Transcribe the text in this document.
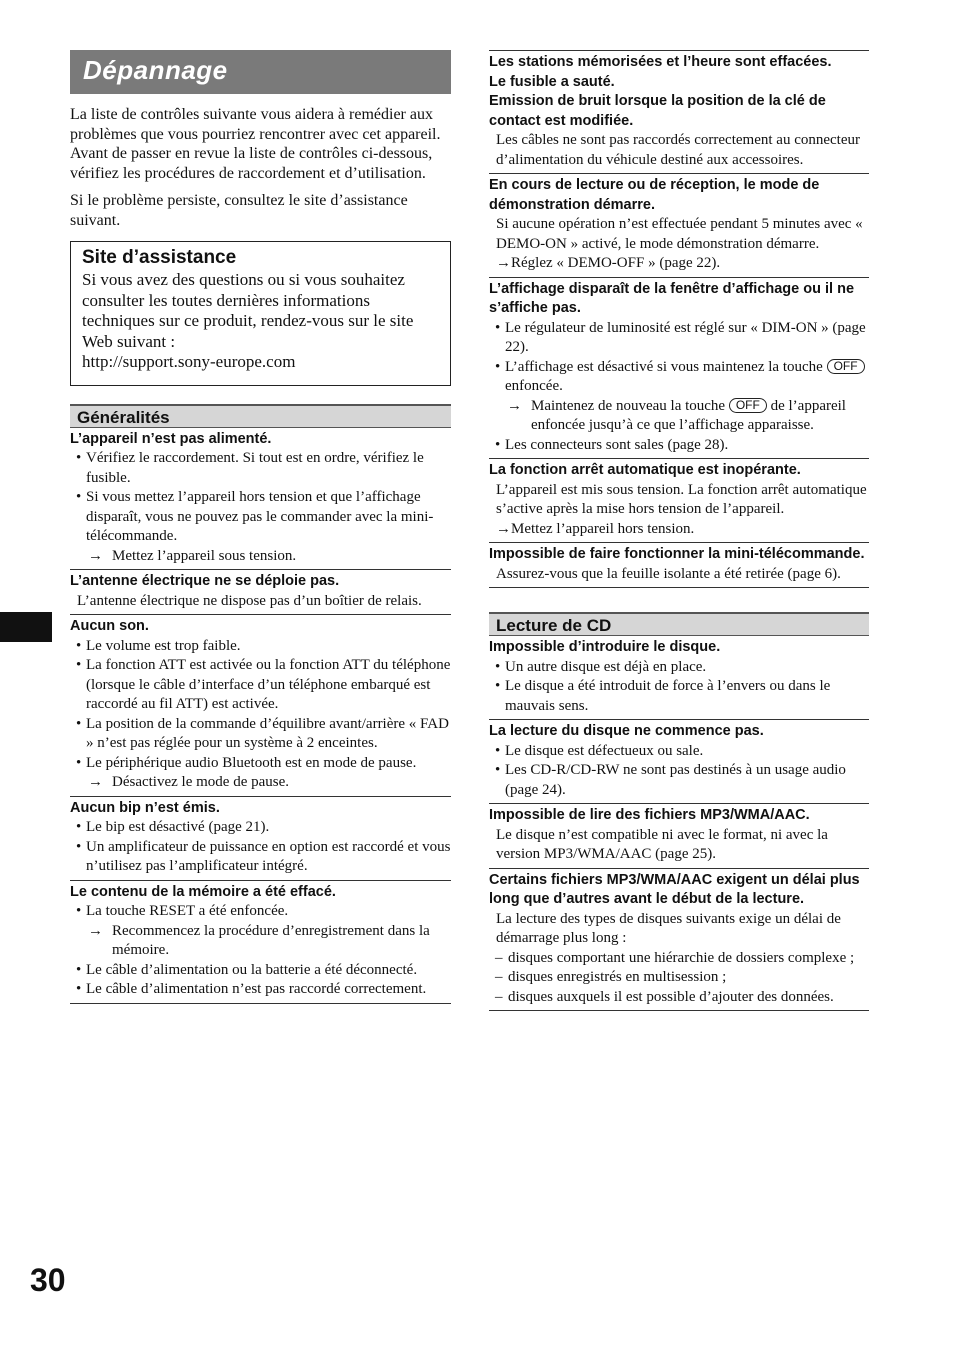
Dépannage

La liste de contrôles suivante vous aidera à remédier aux problèmes que vous pourriez rencontrer avec cet appareil.

Avant de passer en revue la liste de contrôles ci-dessous, vérifiez les procédures de raccordement et d’utilisation.

Si le problème persiste, consultez le site d’assistance suivant.

Site d’assistance
Si vous avez des questions ou si vous souhaitez consulter les toutes dernières informations techniques sur ce produit, rendez-vous sur le site Web suivant :
http://support.sony-europe.com
Généralités
L’appareil n’est pas alimenté.
• Vérifiez le raccordement. Si tout est en ordre, vérifiez le fusible.
• Si vous mettez l’appareil hors tension et que l’affichage disparaît, vous ne pouvez pas le commander avec la mini-télécommande.
→ Mettez l’appareil sous tension.
L’antenne électrique ne se déploie pas.
L’antenne électrique ne dispose pas d’un boîtier de relais.
Aucun son.
• Le volume est trop faible.
• La fonction ATT est activée ou la fonction ATT du téléphone (lorsque le câble d’interface d’un téléphone embarqué est raccordé au fil ATT) est activée.
• La position de la commande d’équilibre avant/arrière « FAD » n’est pas réglée pour un système à 2 enceintes.
• Le périphérique audio Bluetooth est en mode de pause.
→ Désactivez le mode de pause.
Aucun bip n’est émis.
• Le bip est désactivé (page 21).
• Un amplificateur de puissance en option est raccordé et vous n’utilisez pas l’amplificateur intégré.
Le contenu de la mémoire a été effacé.
• La touche RESET a été enfoncée.
→ Recommencez la procédure d’enregistrement dans la mémoire.
• Le câble d’alimentation ou la batterie a été déconnecté.
• Le câble d’alimentation n’est pas raccordé correctement.
Les stations mémorisées et l’heure sont effacées.
Le fusible a sauté.
Emission de bruit lorsque la position de la clé de contact est modifiée.
Les câbles ne sont pas raccordés correctement au connecteur d’alimentation du véhicule destiné aux accessoires.
En cours de lecture ou de réception, le mode de démonstration démarre.
Si aucune opération n’est effectuée pendant 5 minutes avec « DEMO-ON » activé, le mode démonstration démarre.
→Réglez « DEMO-OFF » (page 22).
L’affichage disparaît de la fenêtre d’affichage ou il ne s’affiche pas.
• Le régulateur de luminosité est réglé sur « DIM-ON » (page 22).
• L’affichage est désactivé si vous maintenez la touche OFF enfoncée.
→ Maintenez de nouveau la touche OFF de l’appareil enfoncée jusqu’à ce que l’affichage apparaisse.
• Les connecteurs sont sales (page 28).
La fonction arrêt automatique est inopérante.
L’appareil est mis sous tension. La fonction arrêt automatique s’active après la mise hors tension de l’appareil.
→Mettez l’appareil hors tension.
Impossible de faire fonctionner la mini-télécommande.
Assurez-vous que la feuille isolante a été retirée (page 6).
Lecture de CD
Impossible d’introduire le disque.
• Un autre disque est déjà en place.
• Le disque a été introduit de force à l’envers ou dans le mauvais sens.
La lecture du disque ne commence pas.
• Le disque est défectueux ou sale.
• Les CD-R/CD-RW ne sont pas destinés à un usage audio (page 24).
Impossible de lire des fichiers MP3/WMA/AAC.
Le disque n’est compatible ni avec le format, ni avec la version MP3/WMA/AAC (page 25).
Certains fichiers MP3/WMA/AAC exigent un délai plus long que d’autres avant le début de la lecture.
La lecture des types de disques suivants exige un délai de démarrage plus long :
– disques comportant une hiérarchie de dossiers complexe ;
– disques enregistrés en multisession ;
– disques auxquels il est possible d’ajouter des données.
30
